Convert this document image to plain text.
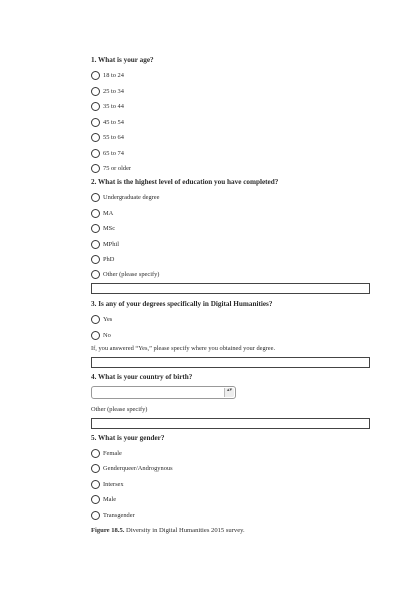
1. What is your age?
18 to 24
25 to 34
35 to 44
45 to 54
55 to 64
65 to 74
75 or older
2. What is the highest level of education you have completed?
Undergraduate degree
MA
MSc
MPhil
PhD
Other (please specify)
3. Is any of your degrees specifically in Digital Humanities?
Yes
No
If, you answered “Yes,” please specify where you obtained your degree.
4. What is your country of birth?
▴▾
Other (please specify)
5. What is your gender?
Female
Genderqueer/Androgynous
Intersex
Male
Transgender
Figure 18.5. Diversity in Digital Humanities 2015 survey.
